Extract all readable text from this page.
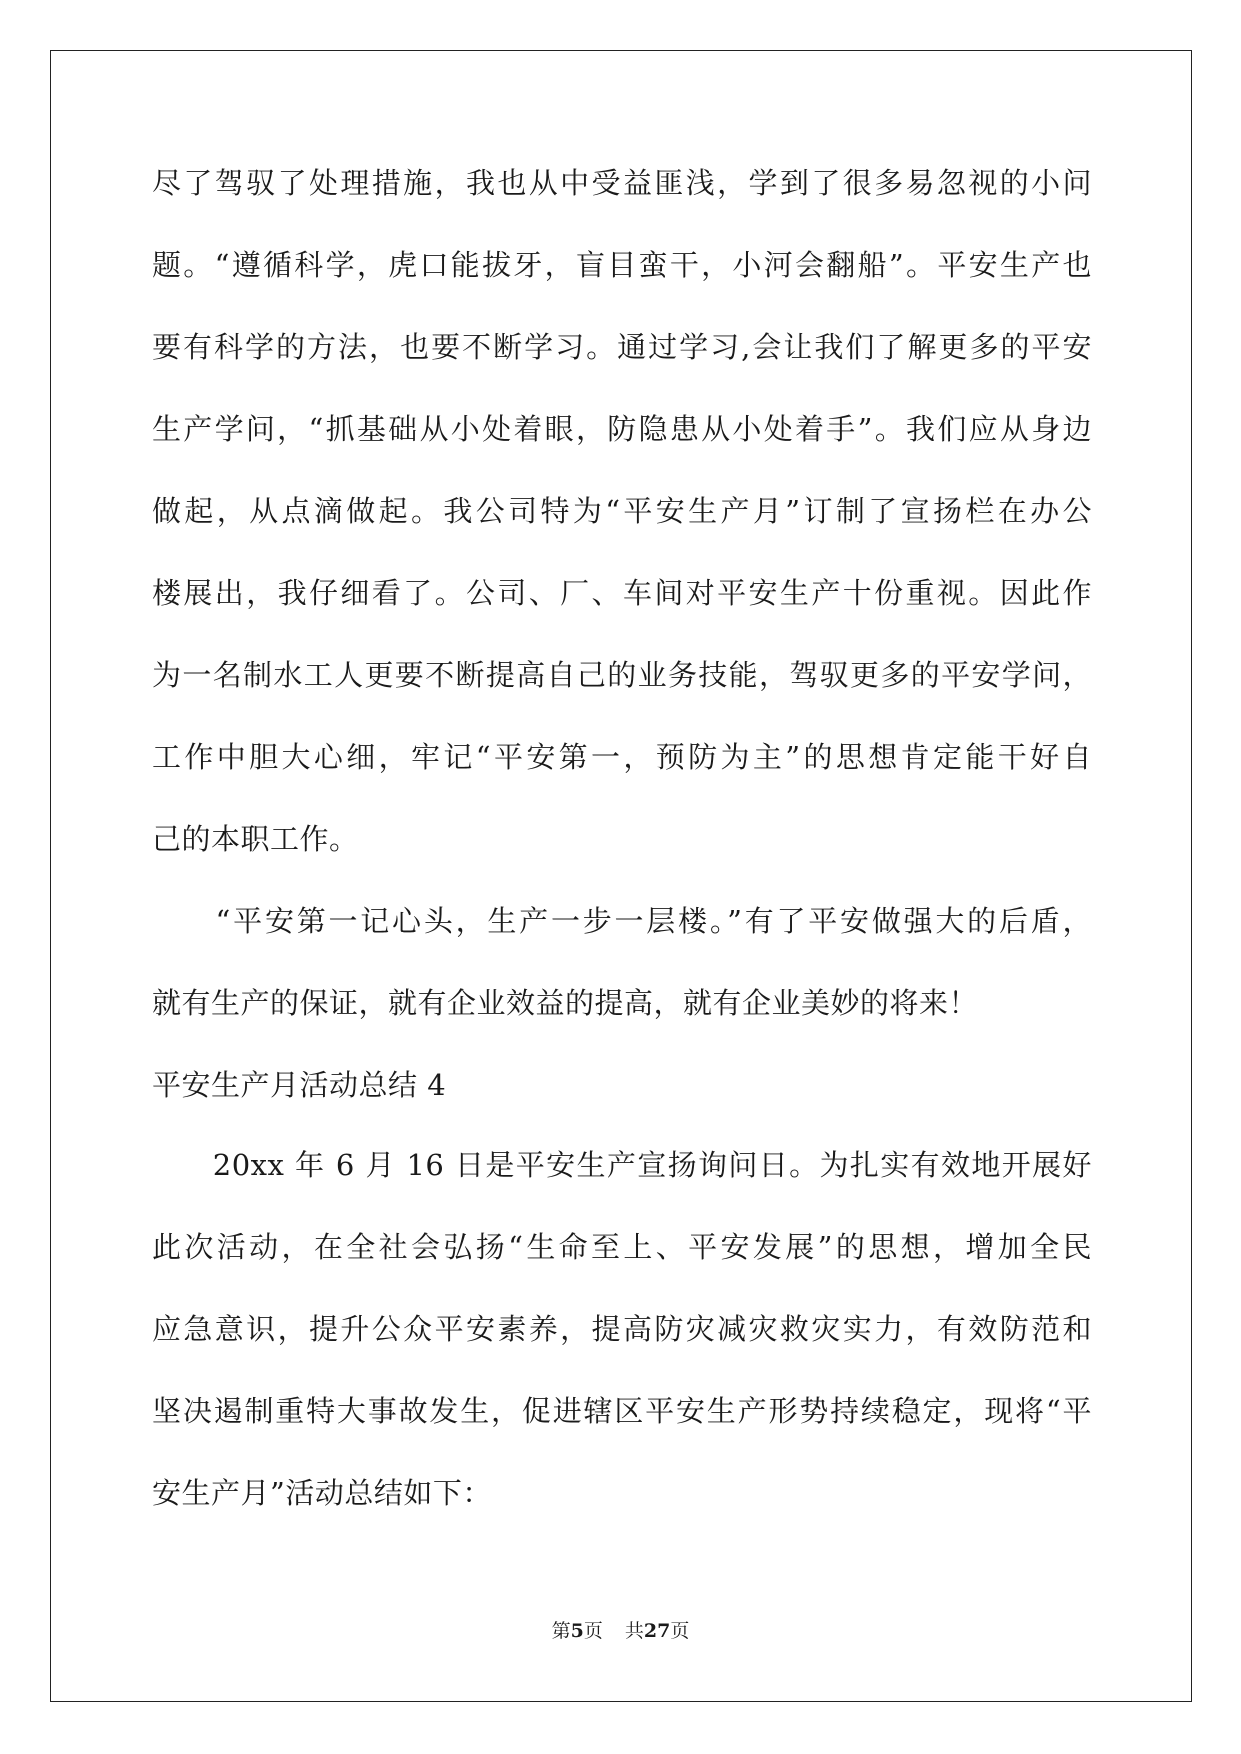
尽了驾驭了处理措施，我也从中受益匪浅，学到了很多易忽视的小问
题。“遵循科学，虎口能拔牙，盲目蛮干，小河会翻船”。平安生产也
要有科学的方法，也要不断学习。通过学习,会让我们了解更多的平安
生产学问，“抓基础从小处着眼，防隐患从小处着手”。我们应从身边
做起，从点滴做起。我公司特为“平安生产月”订制了宣扬栏在办公
楼展出，我仔细看了。公司、厂、车间对平安生产十份重视。因此作
为一名制水工人更要不断提高自己的业务技能，驾驭更多的平安学问，
工作中胆大心细，牢记“平安第一，预防为主”的思想肯定能干好自
己的本职工作。
　　“平安第一记心头，生产一步一层楼。”有了平安做强大的后盾，
就有生产的保证，就有企业效益的提高，就有企业美妙的将来！
平安生产月活动总结 4
　　20xx 年 6 月 16 日是平安生产宣扬询问日。为扎实有效地开展好
此次活动，在全社会弘扬“生命至上、平安发展”的思想，增加全民
应急意识，提升公众平安素养，提高防灾减灾救灾实力，有效防范和
坚决遏制重特大事故发生，促进辖区平安生产形势持续稳定，现将“平
安生产月”活动总结如下：
第5页 共27页
